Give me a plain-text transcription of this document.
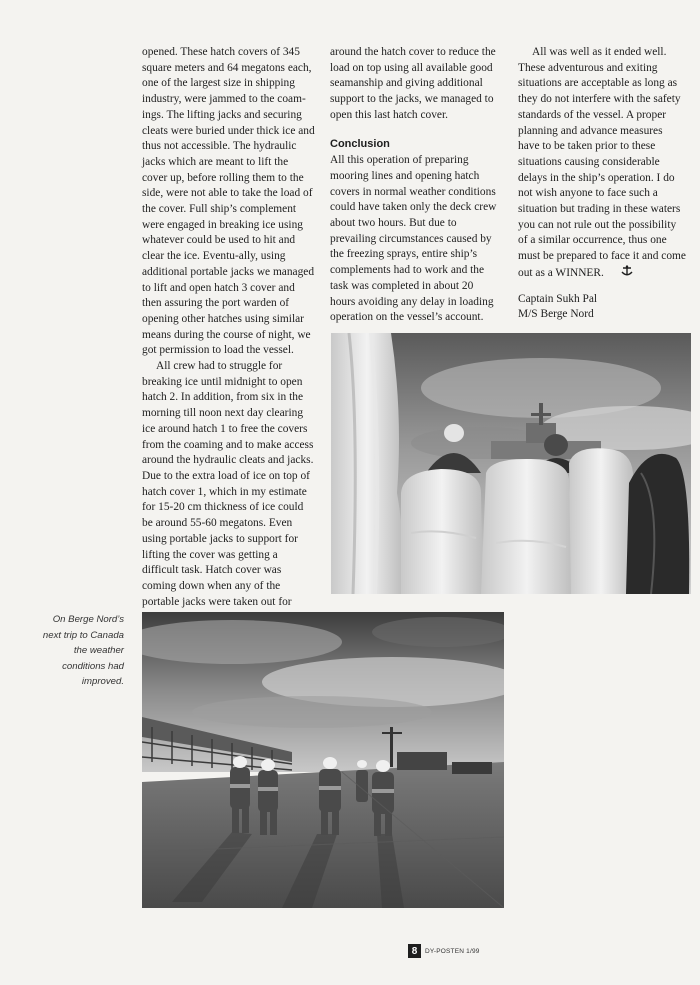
opened. These hatch covers of 345 square meters and 64 megatons each, one of the largest size in shipping industry, were jammed to the coam-ings. The lifting jacks and securing cleats were buried under thick ice and thus not accessible. The hydraulic jacks which are meant to lift the cover up, before rolling them to the side, were not able to take the load of the cover. Full ship’s complement were engaged in breaking ice using whatever could be used to hit and clear the ice. Eventu-ally, using additional portable jacks we managed to lift and open hatch 3 cover and then assuring the port warden of opening other hatches using similar means during the course of night, we got permission to load the vessel.

All crew had to struggle for breaking ice until midnight to open hatch 2. In addition, from six in the morning till noon next day clearing ice around hatch 1 to free the covers from the coaming and to make access around the hydraulic cleats and jacks. Due to the extra load of ice on top of hatch cover 1, which in my estimate for 15-20 cm thickness of ice could be around 55-60 megatons. Even using portable jacks to support for lifting the cover was getting a difficult task. Hatch cover was coming down when any of the portable jacks were taken out for

around the hatch cover to reduce the load on top using all available good seamanship and giving additional support to the jacks, we managed to open this last hatch cover.

Conclusion

All this operation of preparing mooring lines and opening hatch covers in normal weather conditions could have taken only the deck crew about two hours. But due to prevailing circumstances caused by the freezing sprays, entire ship’s complements had to work and the task was completed in about 20 hours avoiding any delay in loading operation on the vessel’s account.

All was well as it ended well. These adventurous and exiting situations are acceptable as long as they do not interfere with the safety standards of the vessel. A proper planning and advance measures have to be taken prior to these situations causing considerable delays in the ship’s operation. I do not wish anyone to face such a situation but trading in these waters you can not rule out the possibility of a similar occurrence, thus one must be prepared to face it and come out as a WINNER.

Captain Sukh Pal
M/S Berge Nord
On Berge Nord’s next trip to Canada the weather conditions had improved.
8	DY-POSTEN 1/99
